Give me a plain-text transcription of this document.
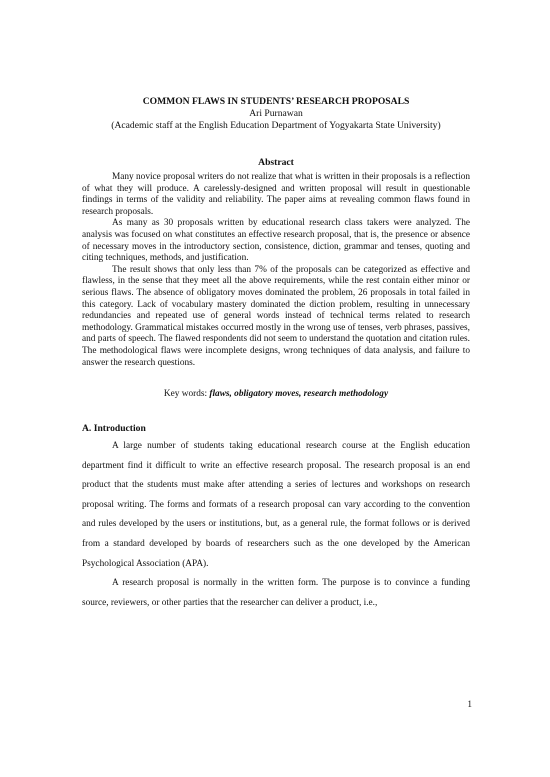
COMMON FLAWS IN STUDENTS’ RESEARCH PROPOSALS
Ari Purnawan
(Academic staff at the English Education Department of Yogyakarta State University)
Abstract

Many novice proposal writers do not realize that what is written in their proposals is a reflection of what they will produce. A carelessly-designed and written proposal will result in questionable findings in terms of the validity and reliability. The paper aims at revealing common flaws found in research proposals.

As many as 30 proposals written by educational research class takers were analyzed. The analysis was focused on what constitutes an effective research proposal, that is, the presence or absence of necessary moves in the introductory section, consistence, diction, grammar and tenses, quoting and citing techniques, methods, and justification.

The result shows that only less than 7% of the proposals can be categorized as effective and flawless, in the sense that they meet all the above requirements, while the rest contain either minor or serious flaws. The absence of obligatory moves dominated the problem, 26 proposals in total failed in this category. Lack of vocabulary mastery dominated the diction problem, resulting in unnecessary redundancies and repeated use of general words instead of technical terms related to research methodology. Grammatical mistakes occurred mostly in the wrong use of tenses, verb phrases, passives, and parts of speech. The flawed respondents did not seem to understand the quotation and citation rules. The methodological flaws were incomplete designs, wrong techniques of data analysis, and failure to answer the research questions.

Key words: flaws, obligatory moves, research methodology
A. Introduction

A large number of students taking educational research course at the English education department find it difficult to write an effective research proposal. The research proposal is an end product that the students must make after attending a series of lectures and workshops on research proposal writing. The forms and formats of a research proposal can vary according to the convention and rules developed by the users or institutions, but, as a general rule, the format follows or is derived from a standard developed by boards of researchers such as the one developed by the American Psychological Association (APA).

A research proposal is normally in the written form. The purpose is to convince a funding source, reviewers, or other parties that the researcher can deliver a product, i.e.,

1
